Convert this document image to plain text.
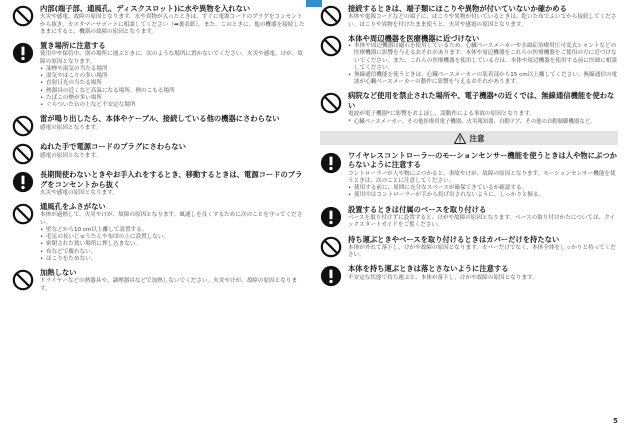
内部(端子部、通風孔、ディスクスロット)に水や異物を入れない

火災や感電、故障の原因となります。水や異物が入ったときは、すぐに電源コードのプラグをコンセントから抜き、カスタマーサポートに相談してください（➡裏表紙）。また、このときに、他の機器を接続したままにすると、機器の故障の原因となります。

置き場所に注意する

使用中や保管中、別の場所に運ぶときに、次のような場所に置かないでください。火災や感電、けが、故障の原因となります。

• 油煙や湯気の当たる場所

• 湿気やほこりの多い場所

• 直射日光の当たる場所

• 熱器具の近くなど高温になる場所、熱のこもる場所

• たばこの煙が多い場所

• ぐらついた台の上など不安定な場所

雷が鳴り出したら、本体やケーブル、接続している他の機器にさわらない

感電の原因となります。

ぬれた手で電源コードのプラグにさわらない

感電の原因となります。

長期間使わないときやお手入れをするとき、移動するときは、電源コードのプラグをコンセントから抜く

火災や感電の原因となります。

通風孔をふさがない

本体が過熱して、火災やけが、故障の原因となります。風通しを良くするために次のことを守ってください。

• 壁などから10 cm以上離して設置する。

• 毛足の長いじゅうたんや布団の上に設置しない。

• 密閉された狭い場所に押し込まない。

• 布などで覆わない。

• ほこりをためない。

加熱しない

ドライヤーなどの熱器具や、調理器具などで加熱しないでください。火災やけが、故障の原因となります。

接続するときは、端子類にほこりや異物が付いていないか確かめる

本体や電源コードなどの端子に、ほこりや異物が付いているときは、乾いた布でふいてから接続してください。ほこりや異物を付けたまま使うと、火災や感電の原因となります。

本体や周辺機器を医療機器に近づけない

• 本体や周辺機器は磁石を使用しているため、心臓ペースメーカーや水頭症治療用圧可変式シャントなどの医療機器に影響を与えるおそれがあります。本体や周辺機器をこれらの医療機器をご使用の方に近づけないでください。また、これらの医療機器を使用している方は、本体や周辺機器を使用する前に医師に相談してください。

• 無線通信機能を使うときは、心臓ペースメーカーの装着部から15 cm以上離してください。無線通信の電波が心臓ペースメーカーの動作に影響を与えるおそれがあります。

病院など使用を禁止された場所や、電子機器*の近くでは、無線通信機能を使わない

電波が電子機器*に影響をおよぼし、誤動作による事故の原因となります。

* 心臓ペースメーカー、その他医療用電子機器、火災報知器、自動ドア、その他の自動制御機器など。

注意

ワイヤレスコントローラーのモーションセンサー機能を使うときは人や物にぶつからないように注意する

コントローラーが人や物にぶつかると、事故やけが、故障の原因となります。モーションセンサー機能を使うときは、次のことに注意してください。

• 使用する前に、周囲に充分なスペースが確保できているか確認する。

• 使用中はコントローラーが手から投げ出されないように、しっかりと握る。

設置するときは付属のベースを取り付ける

ベースを取り付けずに設置すると、けがや故障の原因となります。ベースの取り付けかたについては、クイックスタートガイドをご覧ください。

持ち運ぶときやベースを取り付けるときはカバーだけを持たない

本体が外れて落下し、けがや故障の原因となります。カバーだけでなく、本体全体をしっかりと持ってください。

本体を持ち運ぶときは落とさないように注意する

不安定な状態で持ち運ぶと、本体が落下し、けがや故障の原因となります。

5
